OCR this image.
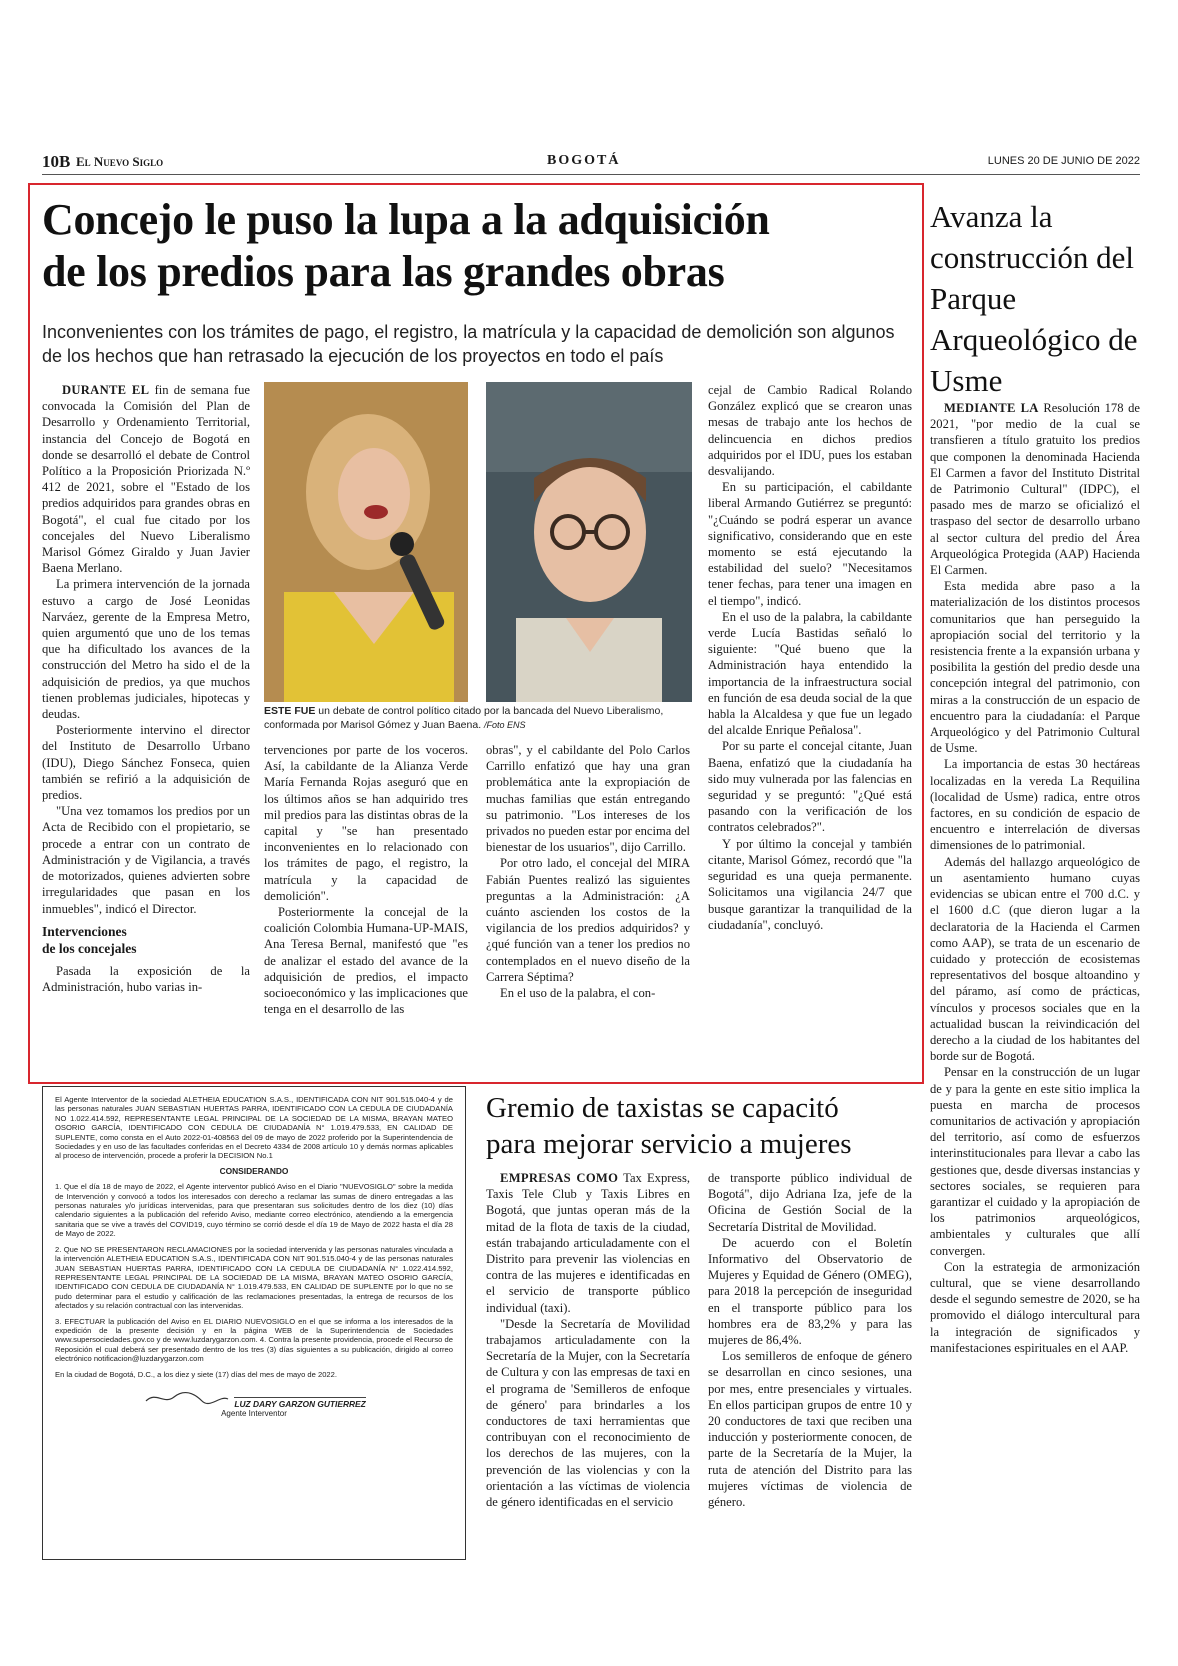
10B El Nuevo Siglo	BOGOTÁ	LUNES 20 DE JUNIO DE 2022
Concejo le puso la lupa a la adquisición
de los predios para las grandes obras
Inconvenientes con los trámites de pago, el registro, la matrícula y la capacidad de demolición son algunos de los hechos que han retrasado la ejecución de los proyectos en todo el país
ESTE FUE un debate de control político citado por la bancada del Nuevo Liberalismo, conformada por Marisol Gómez y Juan Baena. /Foto ENS

DURANTE EL fin de semana fue convocada la Comisión del Plan de Desarrollo y Ordenamiento Territorial, instancia del Concejo de Bogotá en donde se desarrolló el debate de Control Político a la Proposición Priorizada N.º 412 de 2021, sobre el "Estado de los predios adquiridos para grandes obras en Bogotá", el cual fue citado por los concejales del Nuevo Liberalismo Marisol Gómez Giraldo y Juan Javier Baena Merlano.

La primera intervención de la jornada estuvo a cargo de José Leonidas Narváez, gerente de la Empresa Metro, quien argumentó que uno de los temas que ha dificultado los avances de la construcción del Metro ha sido el de la adquisición de predios, ya que muchos tienen problemas judiciales, hipotecas y deudas.

Posteriormente intervino el director del Instituto de Desarrollo Urbano (IDU), Diego Sánchez Fonseca, quien también se refirió a la adquisición de predios.

"Una vez tomamos los predios por un Acta de Recibido con el propietario, se procede a entrar con un contrato de Administración y de Vigilancia, a través de motorizados, quienes advierten sobre irregularidades que pasan en los inmuebles", indicó el Director.

Intervenciones
de los concejales

Pasada la exposición de la Administración, hubo varias in-

tervenciones por parte de los voceros. Así, la cabildante de la Alianza Verde María Fernanda Rojas aseguró que en los últimos años se han adquirido tres mil predios para las distintas obras de la capital y "se han presentado inconvenientes en lo relacionado con los trámites de pago, el registro, la matrícula y la capacidad de demolición".

Posteriormente la concejal de la coalición Colombia Humana-UP-MAIS, Ana Teresa Bernal, manifestó que "es de analizar el estado del avance de la adquisición de predios, el impacto socioeconómico y las implicaciones que tenga en el desarrollo de las

obras", y el cabildante del Polo Carlos Carrillo enfatizó que hay una gran problemática ante la expropiación de muchas familias que están entregando su patrimonio. "Los intereses de los privados no pueden estar por encima del bienestar de los usuarios", dijo Carrillo.

Por otro lado, el concejal del MIRA Fabián Puentes realizó las siguientes preguntas a la Administración: ¿A cuánto ascienden los costos de la vigilancia de los predios adquiridos? y ¿qué función van a tener los predios no contemplados en el nuevo diseño de la Carrera Séptima?

En el uso de la palabra, el con-

cejal de Cambio Radical Rolando González explicó que se crearon unas mesas de trabajo ante los hechos de delincuencia en dichos predios adquiridos por el IDU, pues los estaban desvalijando.

En su participación, el cabildante liberal Armando Gutiérrez se preguntó: "¿Cuándo se podrá esperar un avance significativo, considerando que en este momento se está ejecutando la estabilidad del suelo? "Necesitamos tener fechas, para tener una imagen en el tiempo", indicó.

En el uso de la palabra, la cabildante verde Lucía Bastidas señaló lo siguiente: "Qué bueno que la Administración haya entendido la importancia de la infraestructura social en función de esa deuda social de la que habla la Alcaldesa y que fue un legado del alcalde Enrique Peñalosa".

Por su parte el concejal citante, Juan Baena, enfatizó que la ciudadanía ha sido muy vulnerada por las falencias en seguridad y se preguntó: "¿Qué está pasando con la verificación de los contratos celebrados?".

Y por último la concejal y también citante, Marisol Gómez, recordó que "la seguridad es una queja permanente. Solicitamos una vigilancia 24/7 que busque garantizar la tranquilidad de la ciudadanía", concluyó.

Avanza la construcción del Parque Arqueológico de Usme

MEDIANTE LA Resolución 178 de 2021, "por medio de la cual se transfieren a título gratuito los predios que componen la denominada Hacienda El Carmen a favor del Instituto Distrital de Patrimonio Cultural" (IDPC), el pasado mes de marzo se oficializó el traspaso del sector de desarrollo urbano al sector cultura del predio del Área Arqueológica Protegida (AAP) Hacienda El Carmen.

Esta medida abre paso a la materialización de los distintos procesos comunitarios que han perseguido la apropiación social del territorio y la resistencia frente a la expansión urbana y posibilita la gestión del predio desde una concepción integral del patrimonio, con miras a la construcción de un espacio de encuentro para la ciudadanía: el Parque Arqueológico y del Patrimonio Cultural de Usme.

La importancia de estas 30 hectáreas localizadas en la vereda La Requilina (localidad de Usme) radica, entre otros factores, en su condición de espacio de encuentro e interrelación de diversas dimensiones de lo patrimonial.

Además del hallazgo arqueológico de un asentamiento humano cuyas evidencias se ubican entre el 700 d.C. y el 1600 d.C (que dieron lugar a la declaratoria de la Hacienda el Carmen como AAP), se trata de un escenario de cuidado y protección de ecosistemas representativos del bosque altoandino y del páramo, así como de prácticas, vínculos y procesos sociales que en la actualidad buscan la reivindicación del derecho a la ciudad de los habitantes del borde sur de Bogotá.

Pensar en la construcción de un lugar de y para la gente en este sitio implica la puesta en marcha de procesos comunitarios de activación y apropiación del territorio, así como de esfuerzos interinstitucionales para llevar a cabo las gestiones que, desde diversas instancias y sectores sociales, se requieren para garantizar el cuidado y la apropiación de los patrimonios arqueológicos, ambientales y culturales que allí convergen.

Con la estrategia de armonización cultural, que se viene desarrollando desde el segundo semestre de 2020, se ha promovido el diálogo intercultural para la integración de significados y manifestaciones espirituales en el AAP.

El Agente Interventor de la sociedad ALETHEIA EDUCATION S.A.S., IDENTIFICADA CON NIT 901.515.040-4 y de las personas naturales JUAN SEBASTIAN HUERTAS PARRA, IDENTIFICADO CON LA CEDULA DE CIUDADANÍA NO 1.022.414.592, REPRESENTANTE LEGAL PRINCIPAL DE LA SOCIEDAD DE LA MISMA, BRAYAN MATEO OSORIO GARCÍA, IDENTIFICADO CON CEDULA DE CIUDADANÍA N° 1.019.479.533, EN CALIDAD DE SUPLENTE, como consta en el Auto 2022-01-408563 del 09 de mayo de 2022 proferido por la Superintendencia de Sociedades y en uso de las facultades conferidas en el Decreto 4334 de 2008 artículo 10 y demás normas aplicables al proceso de intervención, procede a proferir la DECISION No.1

CONSIDERANDO

1. Que el día 18 de mayo de 2022, el Agente interventor publicó Aviso en el Diario "NUEVOSIGLO" sobre la medida de Intervención y convocó a todos los interesados con derecho a reclamar las sumas de dinero entregadas a las personas naturales y/o jurídicas intervenidas, para que presentaran sus solicitudes dentro de los diez (10) días calendario siguientes a la publicación del referido Aviso, mediante correo electrónico, atendiendo a la emergencia sanitaria que se vive a través del COVID19, cuyo término se corrió desde el día 19 de Mayo de 2022 hasta el día 28 de Mayo de 2022.

2. Que NO SE PRESENTARON RECLAMACIONES por la sociedad intervenida y las personas naturales vinculada a la intervención ALETHEIA EDUCATION S.A.S., IDENTIFICADA CON NIT 901.515.040-4 y de las personas naturales JUAN SEBASTIAN HUERTAS PARRA, IDENTIFICADO CON LA CEDULA DE CIUDADANÍA N° 1.022.414.592, REPRESENTANTE LEGAL PRINCIPAL DE LA SOCIEDAD DE LA MISMA, BRAYAN MATEO OSORIO GARCÍA, IDENTIFICADO CON CEDULA DE CIUDADANÍA N° 1.019.479.533, EN CALIDAD DE SUPLENTE por lo que no se pudo determinar para el estudio y calificación de las reclamaciones presentadas, la entrega de recursos de los afectados y su relación contractual con las intervenidas.

3. EFECTUAR la publicación del Aviso en EL DIARIO NUEVOSIGLO en el que se informa a los interesados de la expedición de la presente decisión y en la página WEB de la Superintendencia de Sociedades www.supersociedades.gov.co y de www.luzdarygarzon.com. 4. Contra la presente providencia, procede el Recurso de Reposición el cual deberá ser presentado dentro de los tres (3) días siguientes a su publicación, dirigido al correo electrónico notificacion@luzdarygarzon.com

En la ciudad de Bogotá, D.C., a los diez y siete (17) días del mes de mayo de 2022.

LUZ DARY GARZON GUTIERREZ
Agente Interventor
Gremio de taxistas se capacitó
para mejorar servicio a mujeres

EMPRESAS COMO Tax Express, Taxis Tele Club y Taxis Libres en Bogotá, que juntas operan más de la mitad de la flota de taxis de la ciudad, están trabajando articuladamente con el Distrito para prevenir las violencias en contra de las mujeres e identificadas en el servicio de transporte público individual (taxi).

"Desde la Secretaría de Movilidad trabajamos articuladamente con la Secretaría de la Mujer, con la Secretaría de Cultura y con las empresas de taxi en el programa de 'Semilleros de enfoque de género' para brindarles a los conductores de taxi herramientas que contribuyan con el reconocimiento de los derechos de las mujeres, con la prevención de las violencias y con la orientación a las víctimas de violencia de género identificadas en el servicio

de transporte público individual de Bogotá", dijo Adriana Iza, jefe de la Oficina de Gestión Social de la Secretaría Distrital de Movilidad.

De acuerdo con el Boletín Informativo del Observatorio de Mujeres y Equidad de Género (OMEG), para 2018 la percepción de inseguridad en el transporte público para los hombres era de 83,2% y para las mujeres de 86,4%.

Los semilleros de enfoque de género se desarrollan en cinco sesiones, una por mes, entre presenciales y virtuales. En ellos participan grupos de entre 10 y 20 conductores de taxi que reciben una inducción y posteriormente conocen, de parte de la Secretaría de la Mujer, la ruta de atención del Distrito para las mujeres víctimas de violencia de género.
